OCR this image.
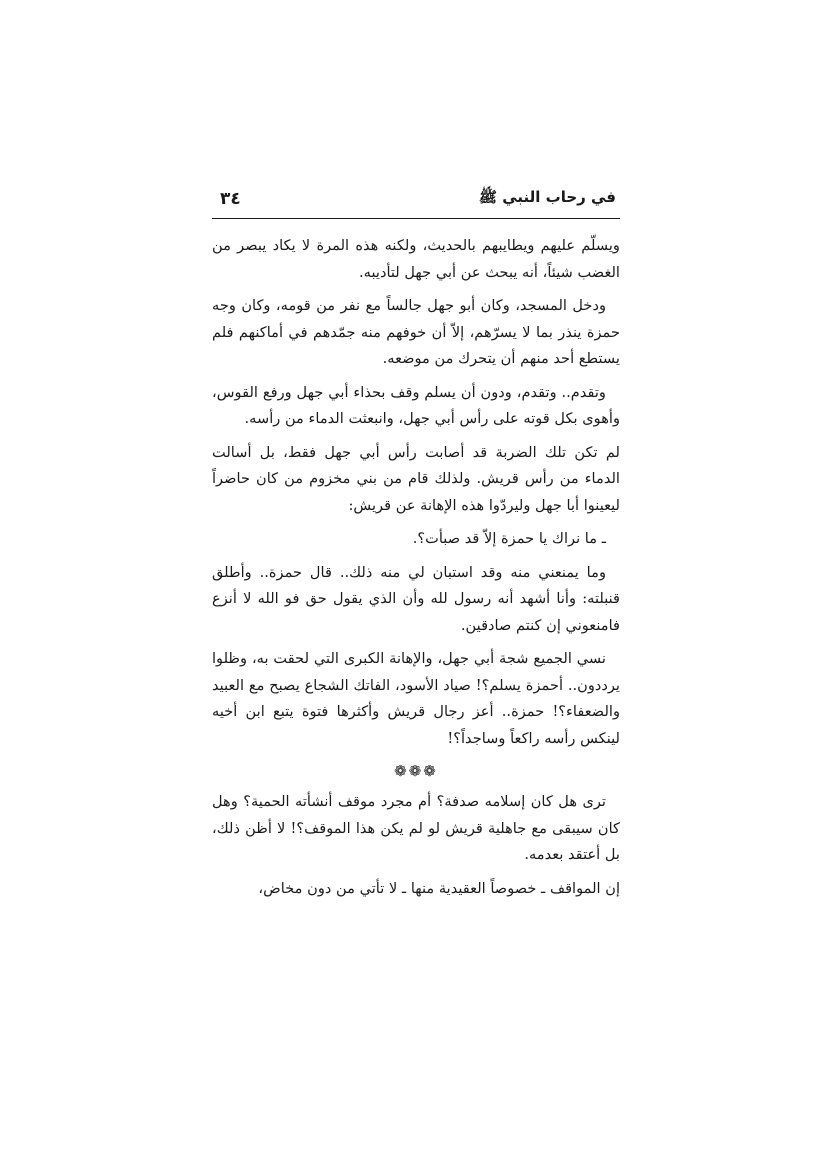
في رحاب النبي ﷺ
٣٤

ويسلّم عليهم ويطايبهم بالحديث، ولكنه هذه المرة لا يكاد يبصر من الغضب شيئاً، أنه يبحث عن أبي جهل لتأديبه.

ودخل المسجد، وكان أبو جهل جالساً مع نفر من قومه، وكان وجه حمزة ينذر بما لا يسرّهم، إلاّ أن خوفهم منه جمّدهم في أماكنهم فلم يستطع أحد منهم أن يتحرك من موضعه.

وتقدم.. وتقدم، ودون أن يسلم وقف بحذاء أبي جهل ورفع القوس، وأهوى بكل قوته على رأس أبي جهل، وانبعثت الدماء من رأسه.

لم تكن تلك الضربة قد أصابت رأس أبي جهل فقط، بل أسالت الدماء من رأس قريش. ولذلك قام من بني مخزوم من كان حاضراً ليعينوا أبا جهل وليردّوا هذه الإهانة عن قريش:

ـ ما نراك يا حمزة إلاّ قد صبأت؟.

وما يمنعني منه وقد استبان لي منه ذلك.. قال حمزة.. وأطلق قنبلته: وأنا أشهد أنه رسول لله وأن الذي يقول حق فو الله لا أنزع فامنعوني إن كنتم صادقين.

نسي الجميع شجة أبي جهل، والإهانة الكبرى التي لحقت به، وظلوا يرددون.. أحمزة يسلم؟! صياد الأسود، الفاتك الشجاع يصبح مع العبيد والضعفاء؟! حمزة.. أعز رجال قريش وأكثرها فتوة يتبع ابن أخيه لينكس رأسه راكعاً وساجداً؟!

❁❁❁

ترى هل كان إسلامه صدفة؟ أم مجرد موقف أنشأته الحمية؟ وهل كان سيبقى مع جاهلية قريش لو لم يكن هذا الموقف؟! لا أظن ذلك، بل أعتقد بعدمه.

إن المواقف ـ خصوصاً العقيدية منها ـ لا تأتي من دون مخاض،
